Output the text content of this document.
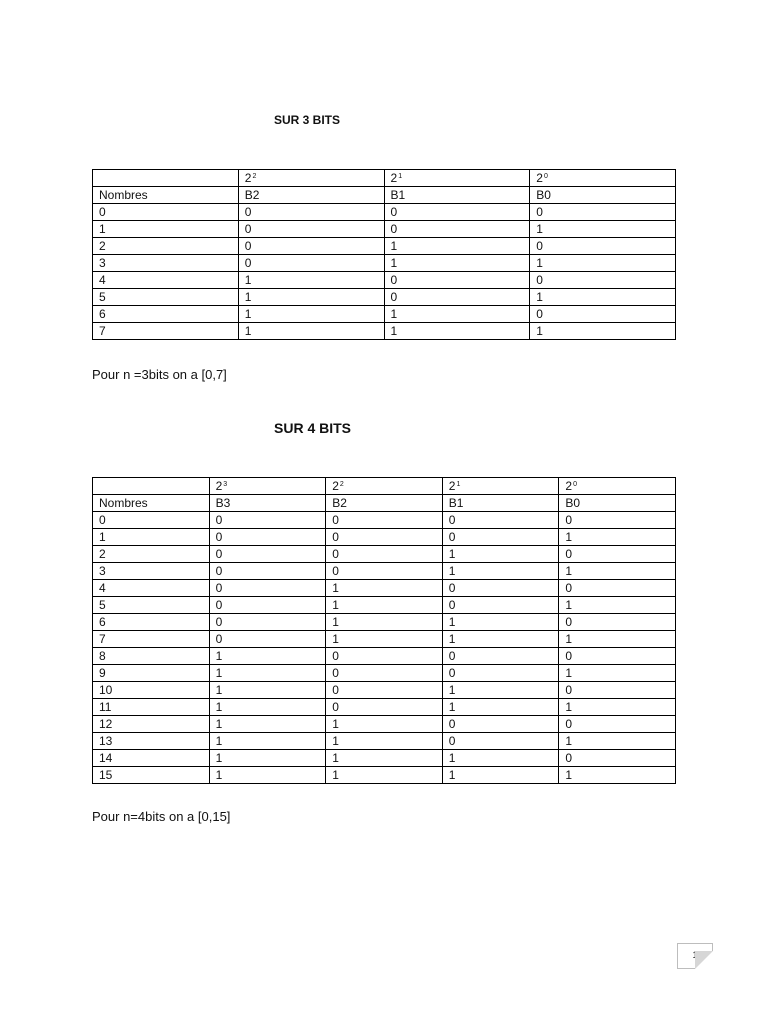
SUR 3 BITS
	$2^2$	$2^1$	$2^0$
Nombres	B2	B1	B0
0	0	0	0
1	0	0	1
2	0	1	0
3	0	1	1
4	1	0	0
5	1	0	1
6	1	1	0
7	1	1	1
Pour n =3bits on a [0,7]
SUR 4 BITS
	$2^3$	$2^2$	$2^1$	$2^0$
Nombres	B3	B2	B1	B0
0	0	0	0	0
1	0	0	0	1
2	0	0	1	0
3	0	0	1	1
4	0	1	0	0
5	0	1	0	1
6	0	1	1	0
7	0	1	1	1
8	1	0	0	0
9	1	0	0	1
10	1	0	1	0
11	1	0	1	1
12	1	1	0	0
13	1	1	0	1
14	1	1	1	0
15	1	1	1	1
Pour n=4bits on a [0,15]
1
